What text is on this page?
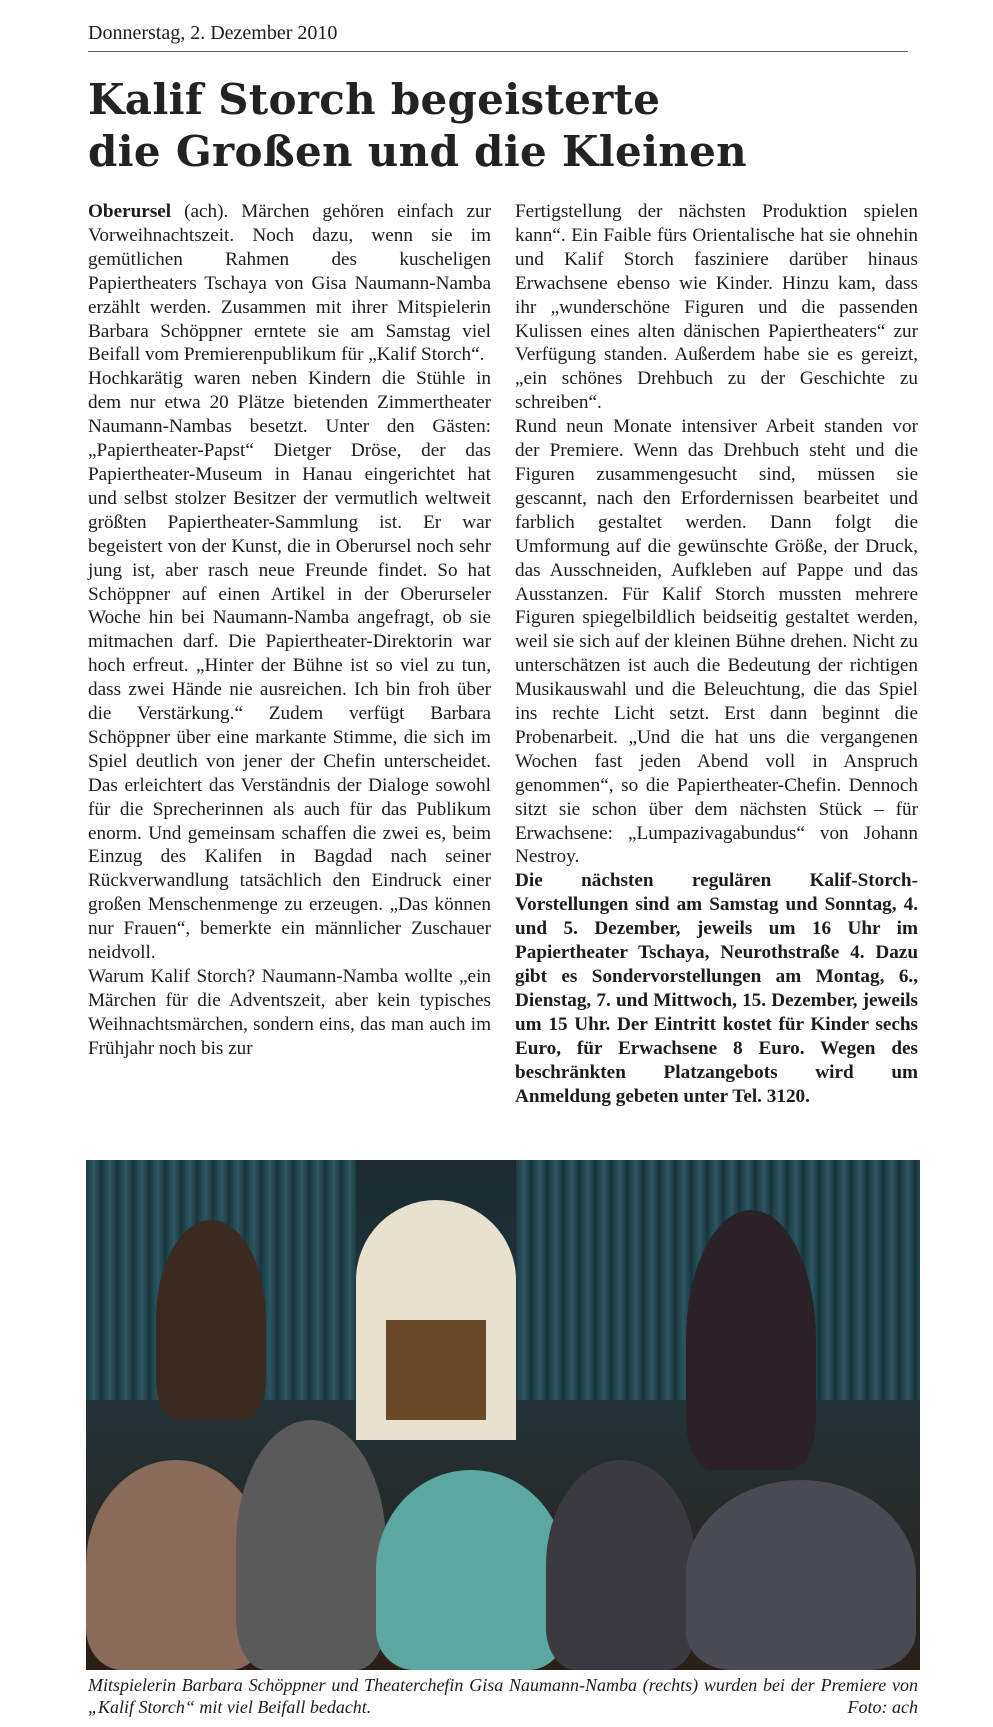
Donnerstag, 2. Dezember 2010
Kalif Storch begeisterte
die Großen und die Kleinen

Oberursel (ach). Märchen gehören einfach zur Vorweihnachtszeit. Noch dazu, wenn sie im gemütlichen Rahmen des kuscheligen Papiertheaters Tschaya von Gisa Naumann-Namba erzählt werden. Zusammen mit ihrer Mitspielerin Barbara Schöppner erntete sie am Samstag viel Beifall vom Premierenpublikum für „Kalif Storch“.

Hochkarätig waren neben Kindern die Stühle in dem nur etwa 20 Plätze bietenden Zimmertheater Naumann-Nambas besetzt. Unter den Gästen: „Papiertheater-Papst“ Dietger Dröse, der das Papiertheater-Museum in Hanau eingerichtet hat und selbst stolzer Besitzer der vermutlich weltweit größten Papiertheater-Sammlung ist. Er war begeistert von der Kunst, die in Oberursel noch sehr jung ist, aber rasch neue Freunde findet. So hat Schöppner auf einen Artikel in der Oberurseler Woche hin bei Naumann-Namba angefragt, ob sie mitmachen darf. Die Papiertheater-Direktorin war hoch erfreut. „Hinter der Bühne ist so viel zu tun, dass zwei Hände nie ausreichen. Ich bin froh über die Verstärkung.“ Zudem verfügt Barbara Schöppner über eine markante Stimme, die sich im Spiel deutlich von jener der Chefin unterscheidet. Das erleichtert das Verständnis der Dialoge sowohl für die Sprecherinnen als auch für das Publikum enorm. Und gemeinsam schaffen die zwei es, beim Einzug des Kalifen in Bagdad nach seiner Rückverwandlung tatsächlich den Eindruck einer großen Menschenmenge zu erzeugen. „Das können nur Frauen“, bemerkte ein männlicher Zuschauer neidvoll.

Warum Kalif Storch? Naumann-Namba wollte „ein Märchen für die Adventszeit, aber kein typisches Weihnachtsmärchen, sondern eins, das man auch im Frühjahr noch bis zur

Fertigstellung der nächsten Produktion spielen kann“. Ein Faible fürs Orientalische hat sie ohnehin und Kalif Storch fasziniere darüber hinaus Erwachsene ebenso wie Kinder. Hinzu kam, dass ihr „wunderschöne Figuren und die passenden Kulissen eines alten dänischen Papiertheaters“ zur Verfügung standen. Außerdem habe sie es gereizt, „ein schönes Drehbuch zu der Geschichte zu schreiben“.

Rund neun Monate intensiver Arbeit standen vor der Premiere. Wenn das Drehbuch steht und die Figuren zusammengesucht sind, müssen sie gescannt, nach den Erfordernissen bearbeitet und farblich gestaltet werden. Dann folgt die Umformung auf die gewünschte Größe, der Druck, das Ausschneiden, Aufkleben auf Pappe und das Ausstanzen. Für Kalif Storch mussten mehrere Figuren spiegelbildlich beidseitig gestaltet werden, weil sie sich auf der kleinen Bühne drehen. Nicht zu unterschätzen ist auch die Bedeutung der richtigen Musikauswahl und die Beleuchtung, die das Spiel ins rechte Licht setzt. Erst dann beginnt die Probenarbeit. „Und die hat uns die vergangenen Wochen fast jeden Abend voll in Anspruch genommen“, so die Papiertheater-Chefin. Dennoch sitzt sie schon über dem nächsten Stück – für Erwachsene: „Lumpazivagabundus“ von Johann Nestroy.

Die nächsten regulären Kalif-Storch-Vorstellungen sind am Samstag und Sonntag, 4. und 5. Dezember, jeweils um 16 Uhr im Papiertheater Tschaya, Neurothstraße 4. Dazu gibt es Sondervorstellungen am Montag, 6., Dienstag, 7. und Mittwoch, 15. Dezember, jeweils um 15 Uhr. Der Eintritt kostet für Kinder sechs Euro, für Erwachsene 8 Euro. Wegen des beschränkten Platzangebots wird um Anmeldung gebeten unter Tel. 3120.

Mitspielerin Barbara Schöppner und Theaterchefin Gisa Naumann-Namba (rechts) wurden bei der Premiere von „Kalif Storch“ mit viel Beifall bedacht.	Foto: ach
